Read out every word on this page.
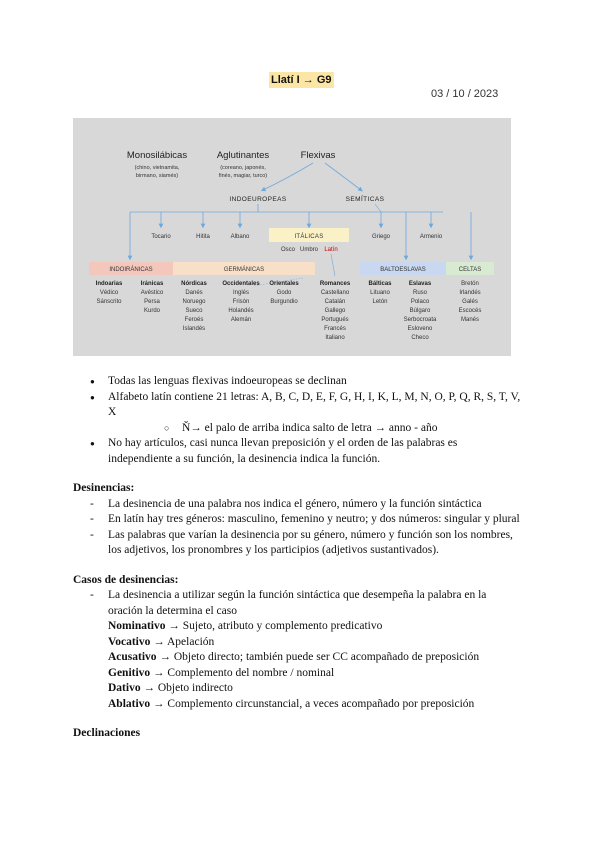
Llatí I → G9
03 / 10 / 2023
Monosilábicas
(chino, vietnamita,
birmano, siamés)
Aglutinantes
(coreano, japonés,
finés, magiar, turco)
Flexivas
INDOEUROPEAS	SEMÍTICAS
Tocario	Hitita	Albano	ITÁLICAS	Griego	Armenio
Osco Umbro Latín
INDOIRÁNICAS	GERMÁNICAS	BALTOESLAVAS	CELTAS
Indoarias
Védico
Sánscrito
Iránicas
Avéstico
Persa
Kurdo
Nórdicas
Danés
Noruego
Sueco
Feroés
Islandés
Occidentales
Inglés
Frisón
Holandés
Alemán
Orientales
Godo
Burgundio
Romances
Castellano
Catalán
Gallego
Portugués
Francés
Italiano
Bálticas
Lituano
Letón
Eslavas
Ruso
Polaco
Búlgaro
Serbocroata
Esloveno
Checo
Bretón
Irlandés
Galés
Escocés
Manés
● Todas las lenguas flexivas indoeuropeas se declinan
● Alfabeto latín contiene 21 letras: A, B, C, D, E, F, G, H, I, K, L, M, N, O, P, Q, R, S, T, V, X
○ Ň→ el palo de arriba indica salto de letra → anno - año
● No hay artículos, casi nunca llevan preposición y el orden de las palabras es independiente a su función, la desinencia indica la función.
Desinencias:
- La desinencia de una palabra nos indica el género, número y la función sintáctica
- En latín hay tres géneros: masculino, femenino y neutro; y dos números: singular y plural
- Las palabras que varían la desinencia por su género, número y función son los nombres, los adjetivos, los pronombres y los participios (adjetivos sustantivados).
Casos de desinencias:
- La desinencia a utilizar según la función sintáctica que desempeña la palabra en la oración la determina el caso
Nominativo → Sujeto, atributo y complemento predicativo
Vocativo → Apelación
Acusativo → Objeto directo; también puede ser CC acompañado de preposición
Genitivo → Complemento del nombre / nominal
Dativo → Objeto indirecto
Ablativo → Complemento circunstancial, a veces acompañado por preposición
Declinaciones
